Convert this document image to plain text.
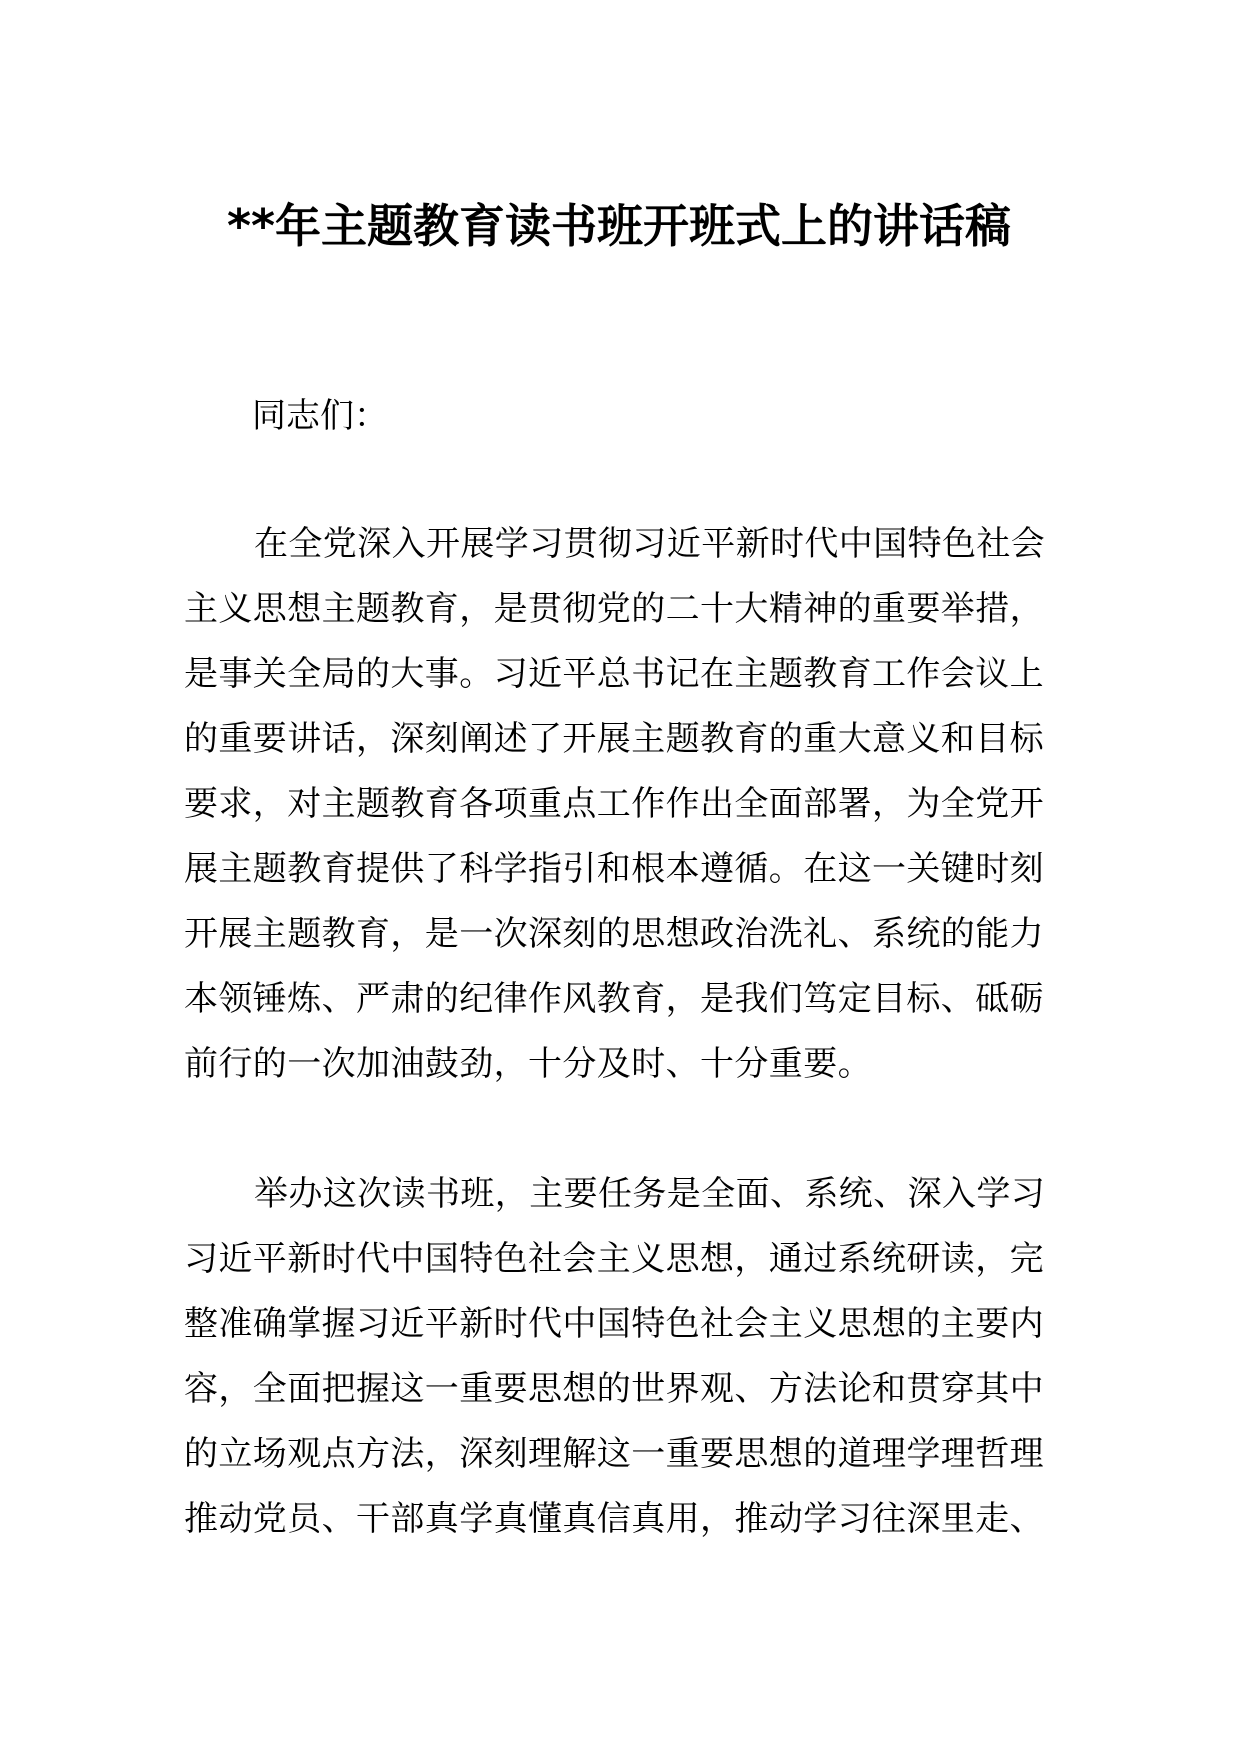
**年主题教育读书班开班式上的讲话稿
同志们：
在全党深入开展学习贯彻习近平新时代中国特色社会
主义思想主题教育，是贯彻党的二十大精神的重要举措，
是事关全局的大事。习近平总书记在主题教育工作会议上
的重要讲话，深刻阐述了开展主题教育的重大意义和目标
要求，对主题教育各项重点工作作出全面部署，为全党开
展主题教育提供了科学指引和根本遵循。在这一关键时刻
开展主题教育，是一次深刻的思想政治洗礼、系统的能力
本领锤炼、严肃的纪律作风教育，是我们笃定目标、砥砺
前行的一次加油鼓劲，十分及时、十分重要。
举办这次读书班，主要任务是全面、系统、深入学习
习近平新时代中国特色社会主义思想，通过系统研读，完
整准确掌握习近平新时代中国特色社会主义思想的主要内
容，全面把握这一重要思想的世界观、方法论和贯穿其中
的立场观点方法，深刻理解这一重要思想的道理学理哲理
推动党员、干部真学真懂真信真用，推动学习往深里走、
